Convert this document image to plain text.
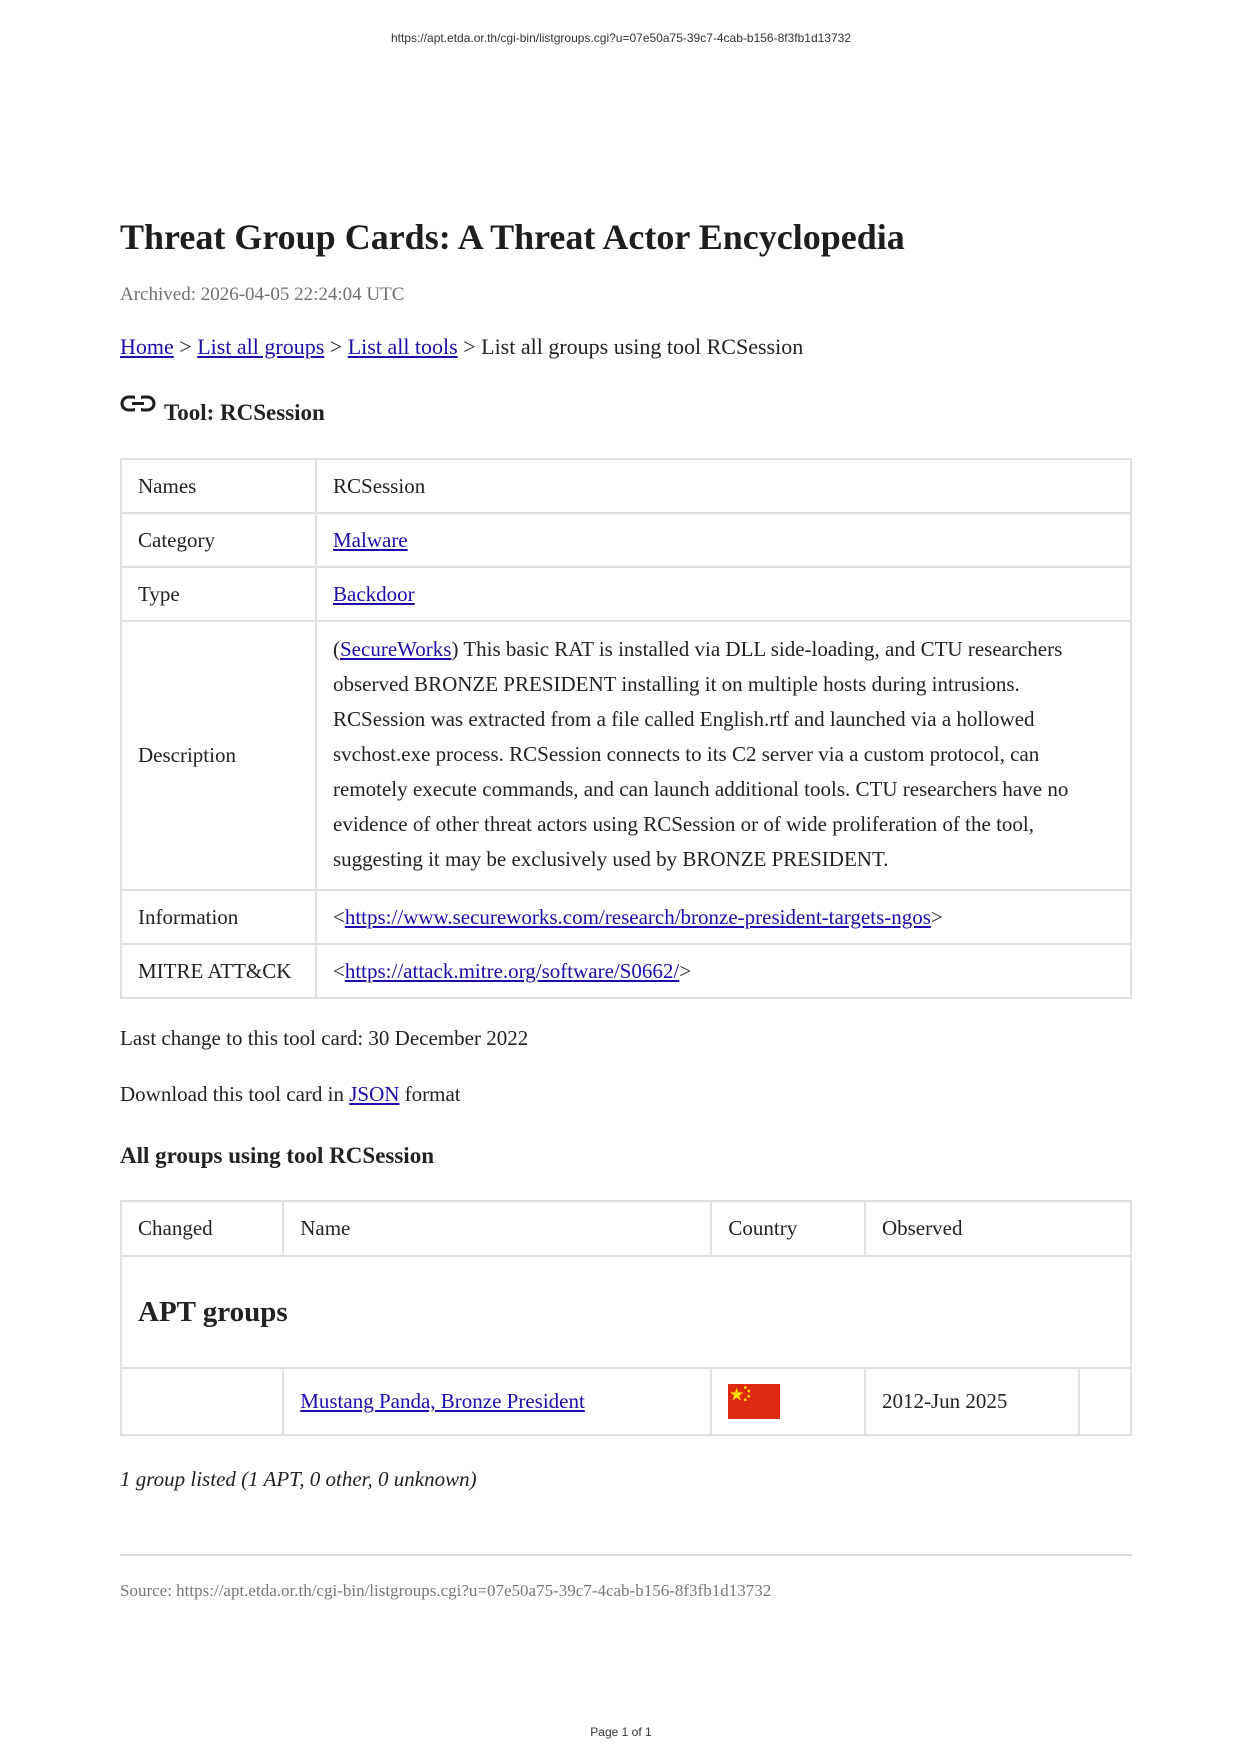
https://apt.etda.or.th/cgi-bin/listgroups.cgi?u=07e50a75-39c7-4cab-b156-8f3fb1d13732
Threat Group Cards: A Threat Actor Encyclopedia
Archived: 2026-04-05 22:24:04 UTC
Home > List all groups > List all tools > List all groups using tool RCSession
Tool: RCSession
Names	RCSession
Category	Malware
Type	Backdoor
Description	(SecureWorks) This basic RAT is installed via DLL side-loading, and CTU researchers observed BRONZE PRESIDENT installing it on multiple hosts during intrusions. RCSession was extracted from a file called English.rtf and launched via a hollowed svchost.exe process. RCSession connects to its C2 server via a custom protocol, can remotely execute commands, and can launch additional tools. CTU researchers have no evidence of other threat actors using RCSession or of wide proliferation of the tool, suggesting it may be exclusively used by BRONZE PRESIDENT.
Information	<https://www.secureworks.com/research/bronze-president-targets-ngos>
MITRE ATT&CK	<https://attack.mitre.org/software/S0662/>

Last change to this tool card: 30 December 2022

Download this tool card in JSON format

All groups using tool RCSession
Changed	Name	Country	Observed	
APT groups				
	Mustang Panda, Bronze President		2012-Jun 2025	

1 group listed (1 APT, 0 other, 0 unknown)

Source: https://apt.etda.or.th/cgi-bin/listgroups.cgi?u=07e50a75-39c7-4cab-b156-8f3fb1d13732

Page 1 of 1
